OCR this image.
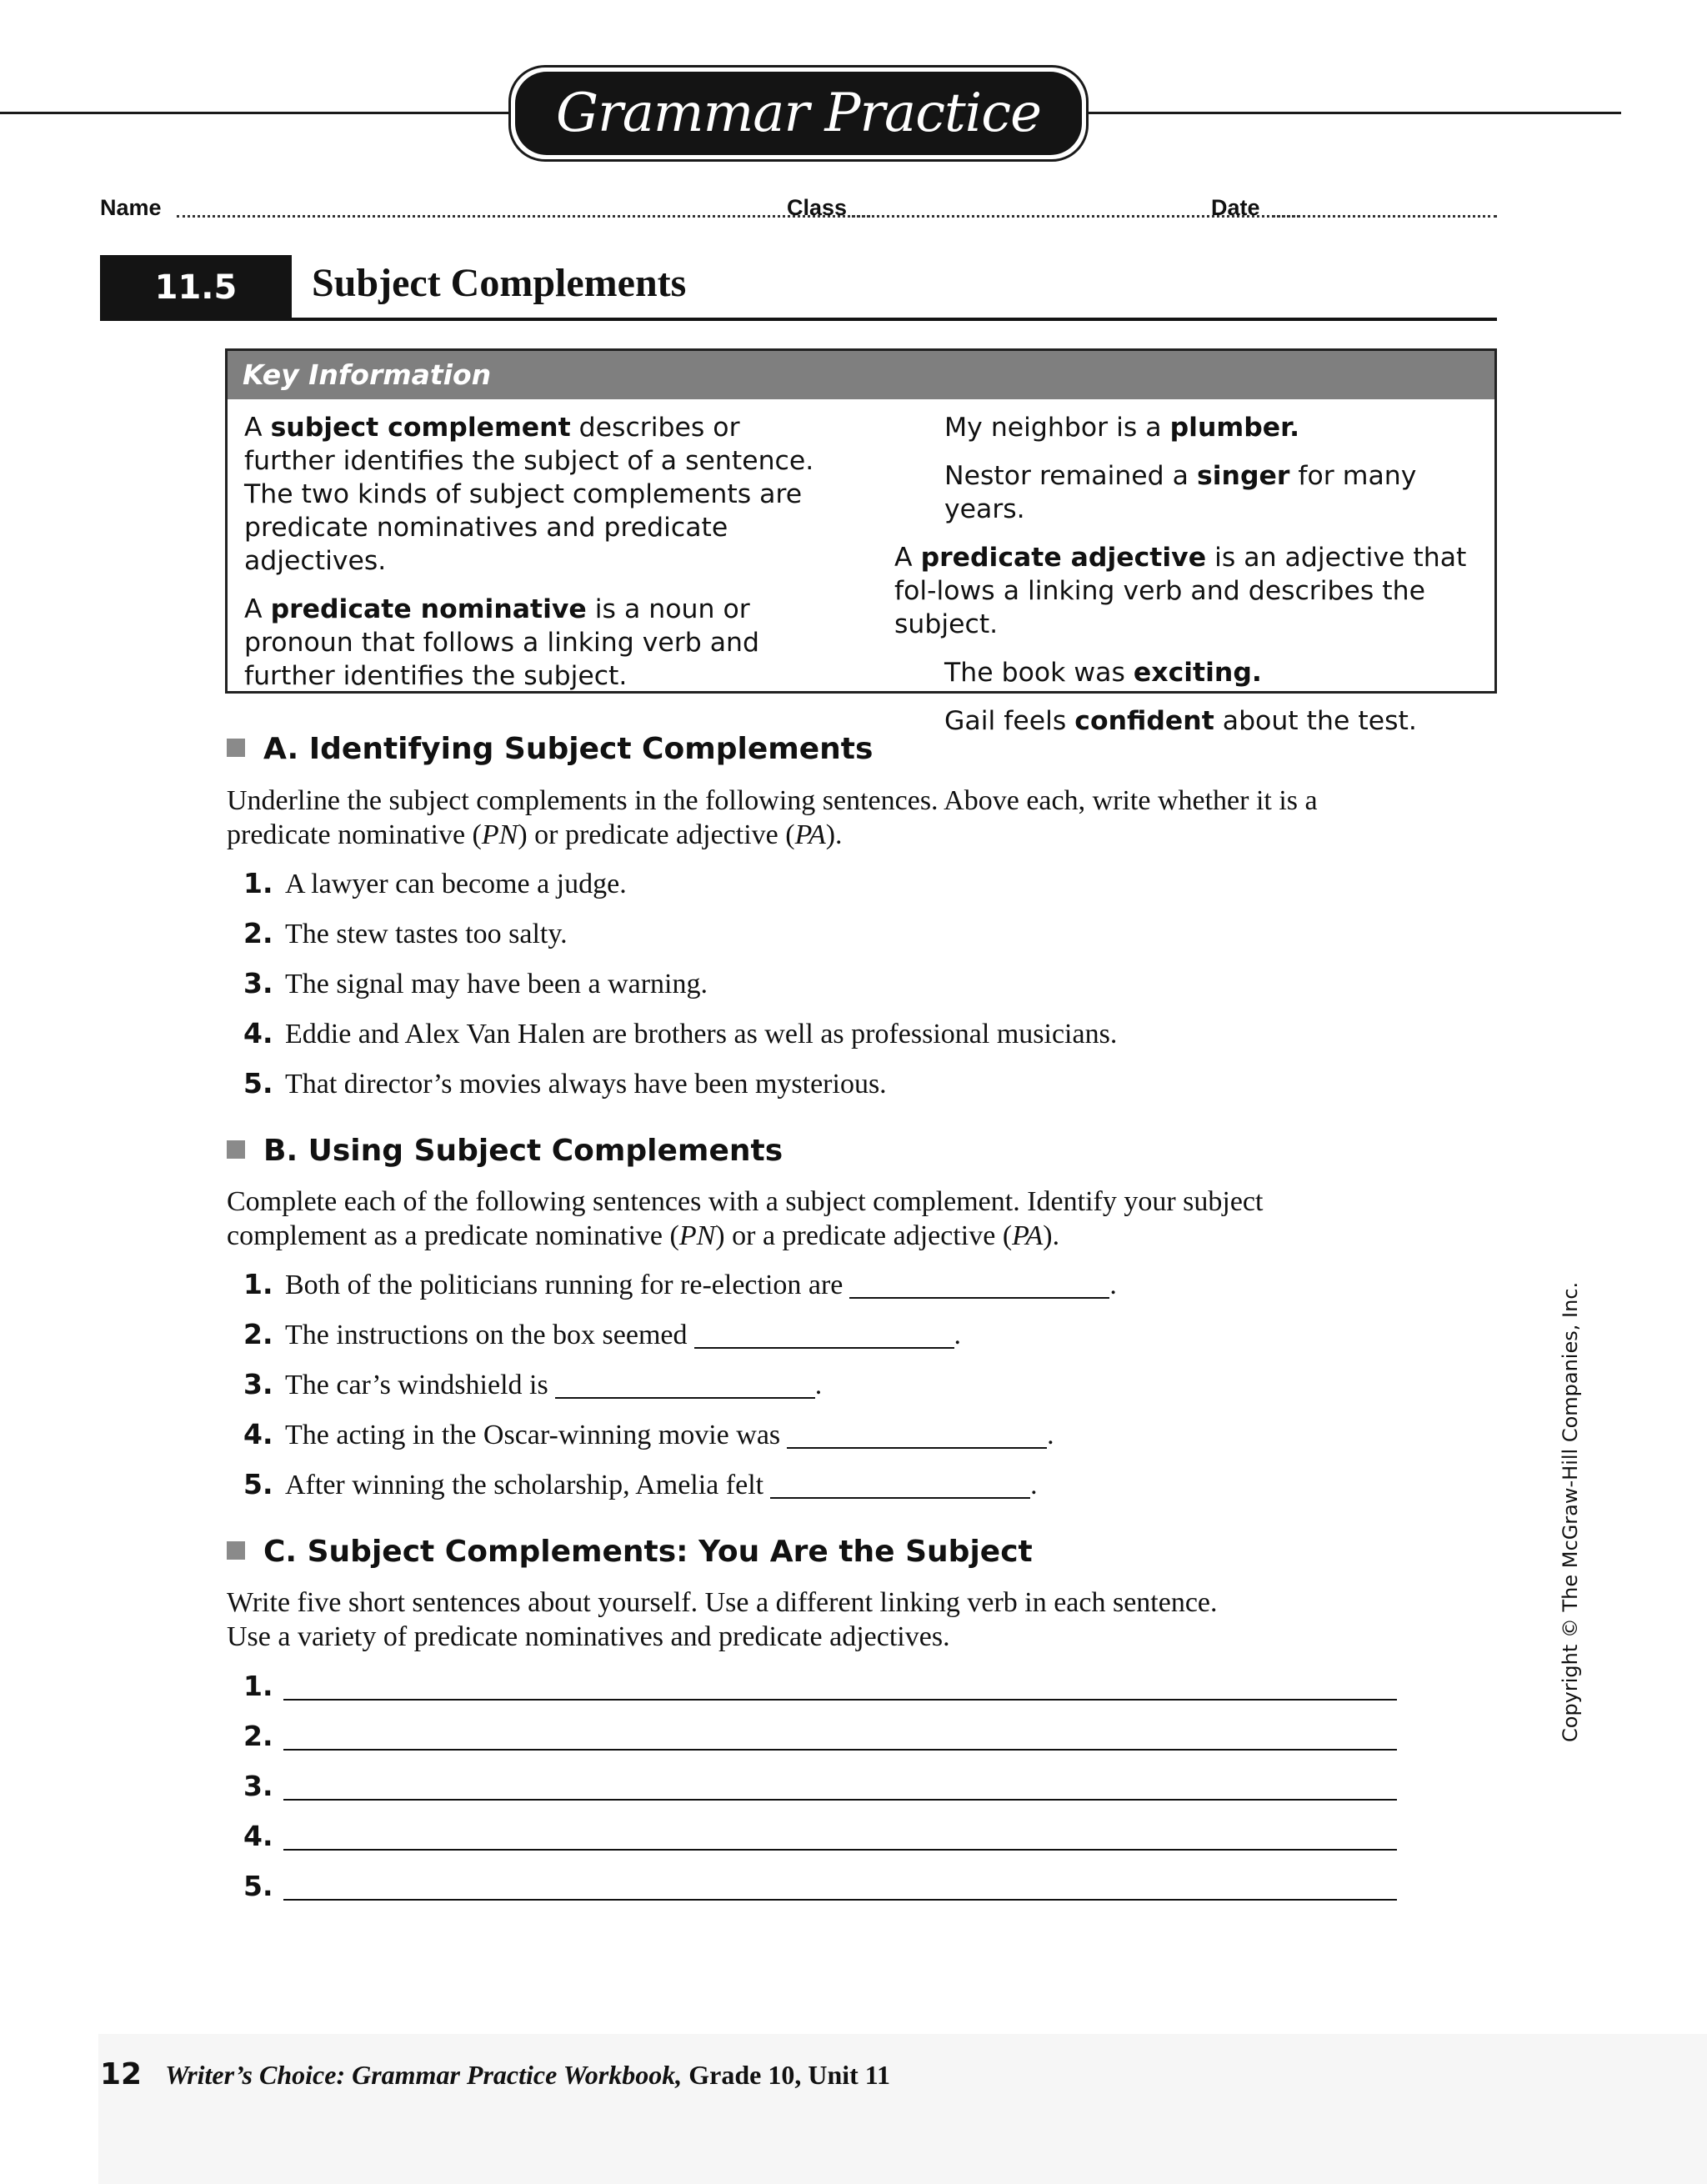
Grammar Practice
Name	Class	Date
11.5	Subject Complements
Key Information

A subject complement describes or further identifies the subject of a sentence. The two kinds of subject complements are predicate nominatives and predicate adjectives.

A predicate nominative is a noun or pronoun that follows a linking verb and further identifies the subject.

My neighbor is a plumber.

Nestor remained a singer for many years.

A predicate adjective is an adjective that fol-lows a linking verb and describes the subject.

The book was exciting.

Gail feels confident about the test.

A. Identifying Subject Complements
Underline the subject complements in the following sentences. Above each, write whether it is a predicate nominative (PN) or predicate adjective (PA).
1. A lawyer can become a judge.
2. The stew tastes too salty.
3. The signal may have been a warning.
4. Eddie and Alex Van Halen are brothers as well as professional musicians.
5. That director’s movies always have been mysterious.
B. Using Subject Complements
Complete each of the following sentences with a subject complement. Identify your subject complement as a predicate nominative (PN) or a predicate adjective (PA).
1. Both of the politicians running for re-election are	.
2. The instructions on the box seemed	.
3. The car’s windshield is	.
4. The acting in the Oscar-winning movie was	.
5. After winning the scholarship, Amelia felt	.
C. Subject Complements: You Are the Subject
Write five short sentences about yourself. Use a different linking verb in each sentence.
Use a variety of predicate nominatives and predicate adjectives.
1.
2.
3.
4.
5.
Copyright © The McGraw-Hill Companies, Inc.
12 Writer’s Choice: Grammar Practice Workbook, Grade 10, Unit 11
